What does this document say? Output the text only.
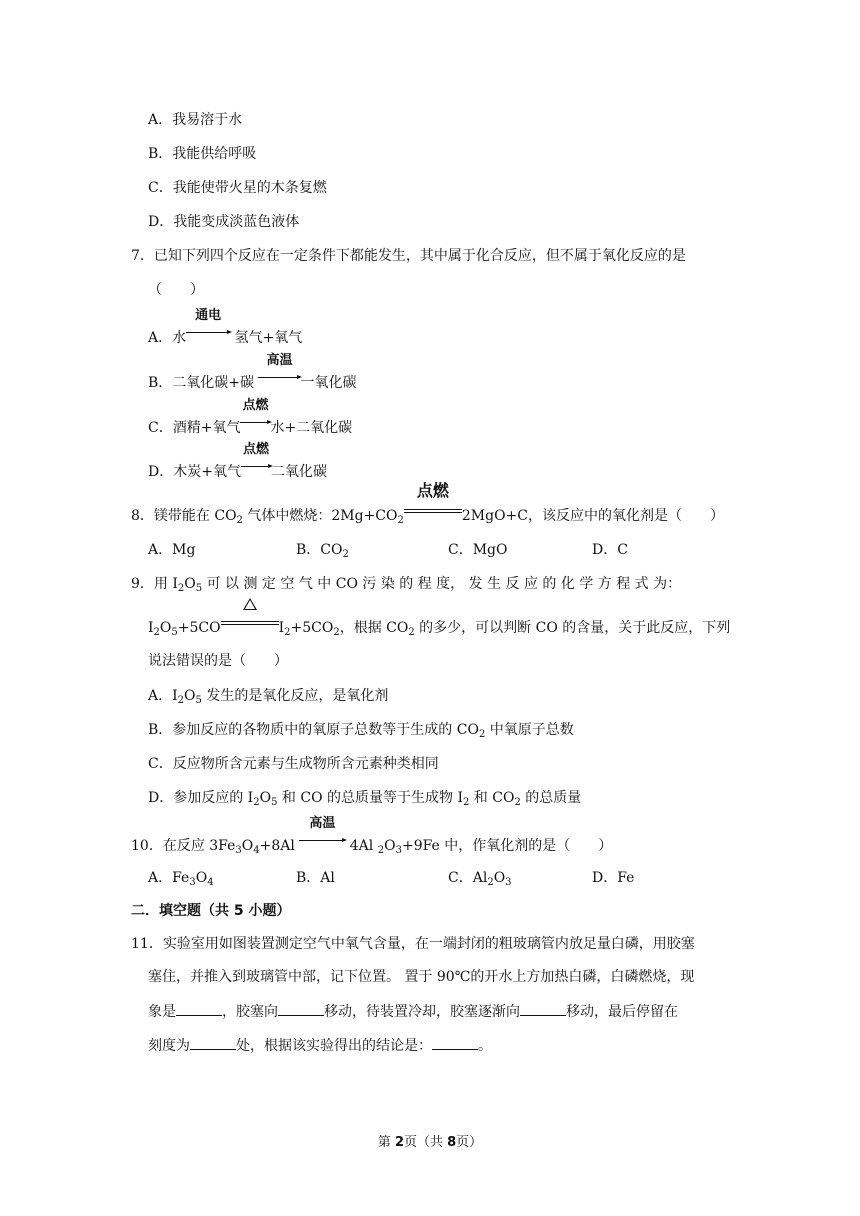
A．我易溶于水
B．我能供给呼吸
C．我能使带火星的木条复燃
D．我能变成淡蓝色液体
7．已知下列四个反应在一定条件下都能发生，其中属于化合反应，但不属于氧化反应的是
（　　）
A．水
通电
氢气+氧气
B．二氧化碳+碳
高温
一氧化碳
C．酒精+氧气
点燃
水+二氧化碳
D．木炭+氧气
点燃
二氧化碳
8．镁带能在 $CO_2$ 气体中燃烧：$2Mg+CO_2$
点燃
2MgO+C，该反应中的氧化剂是（　　）
A．Mg	B．$CO_2$	C．MgO	D．C
9．用 $I_2O_5$ 可 以 测 定 空 气 中 CO 污 染 的 程 度， 发 生 反 应 的 化 学 方 程 式 为：
$I_2O_5+5CO$	$I_2+5CO_2$，根据 $CO_2$ 的多少，可以判断 CO 的含量，关于此反应，下列
说法错误的是（　　）
A．$I_2O_5$ 发生的是氧化反应，是氧化剂
B．参加反应的各物质中的氧原子总数等于生成的 $CO_2$ 中氧原子总数
C．反应物所含元素与生成物所含元素种类相同
D．参加反应的 $I_2O_5$ 和 CO 的总质量等于生成物 $I_2$ 和 $CO_2$ 的总质量
10．在反应 $3Fe_3O_4+8Al$
高温
4Al $_2O_3+9Fe$ 中，作氧化剂的是（　　）
A．$Fe_3O_4$	B．Al	C．$Al_2O_3$	D．Fe
二．填空题（共 5 小题）
11．实验室用如图装置测定空气中氧气含量，在一端封闭的粗玻璃管内放足量白磷，用胶塞
塞住，并推入到玻璃管中部，记下位置。 置于 90℃的开水上方加热白磷，白磷燃烧，现
象是	，胶塞向	移动，待装置冷却，胶塞逐渐向	移动，最后停留在
刻度为	处，根据该实验得出的结论是：	。
第 2页（共 8页）
